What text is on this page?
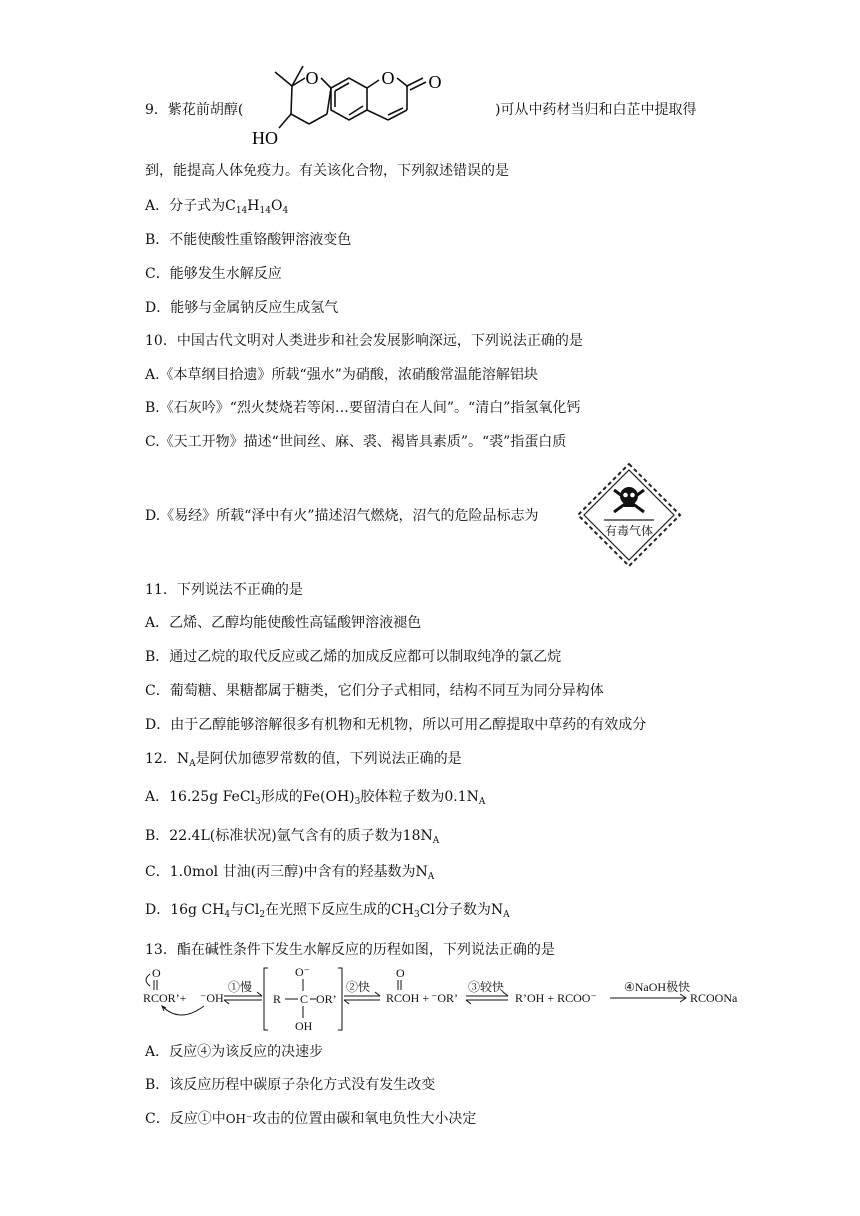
9．紫花前胡醇(
O	O O
HO
)可从中药材当归和白芷中提取得
到，能提高人体免疫力。有关该化合物，下列叙述错误的是
A．分子式为$C_{14}H_{14}O_4$
B．不能使酸性重铬酸钾溶液变色
C．能够发生水解反应
D．能够与金属钠反应生成氢气
10．中国古代文明对人类进步和社会发展影响深远，下列说法正确的是
A.《本草纲目拾遗》所载“强水”为硝酸，浓硝酸常温能溶解铝块
B.《石灰吟》“烈火焚烧若等闲…要留清白在人间”。“清白”指氢氧化钙
C.《天工开物》描述“世间丝、麻、裘、褐皆具素质”。“裘”指蛋白质
D.《易经》所载“泽中有火”描述沼气燃烧，沼气的危险品标志为
有毒气体
11．下列说法不正确的是
A．乙烯、乙醇均能使酸性高锰酸钾溶液褪色
B．通过乙烷的取代反应或乙烯的加成反应都可以制取纯净的氯乙烷
C．葡萄糖、果糖都属于糖类，它们分子式相同，结构不同互为同分异构体
D．由于乙醇能够溶解很多有机物和无机物，所以可用乙醇提取中草药的有效成分
12．$N_A$是阿伏加德罗常数的值，下列说法正确的是
A．16.25g FeCl$_3$形成的$Fe(OH)_3$胶体粒子数为$0.1N_A$
B．22.4L(标准状况)氩气含有的质子数为$18N_A$
C．1.0mol 甘油(丙三醇)中含有的羟基数为$N_A$
D．16g $CH_4$与$Cl_2$在光照下反应生成的$CH_3Cl$分子数为$N_A$
13．酯在碱性条件下发生水解反应的历程如图，下列说法正确的是
O
RCOR’+ ⁻OH
①慢
R C OR’
O⁻
OH
②快
O
RCOH + ⁻OR’
③较快
R’OH + RCOO⁻
④NaOH极快
RCOONa
A．反应④为该反应的决速步
B．该反应历程中碳原子杂化方式没有发生改变
C．反应①中OH⁻攻击的位置由碳和氧电负性大小决定
